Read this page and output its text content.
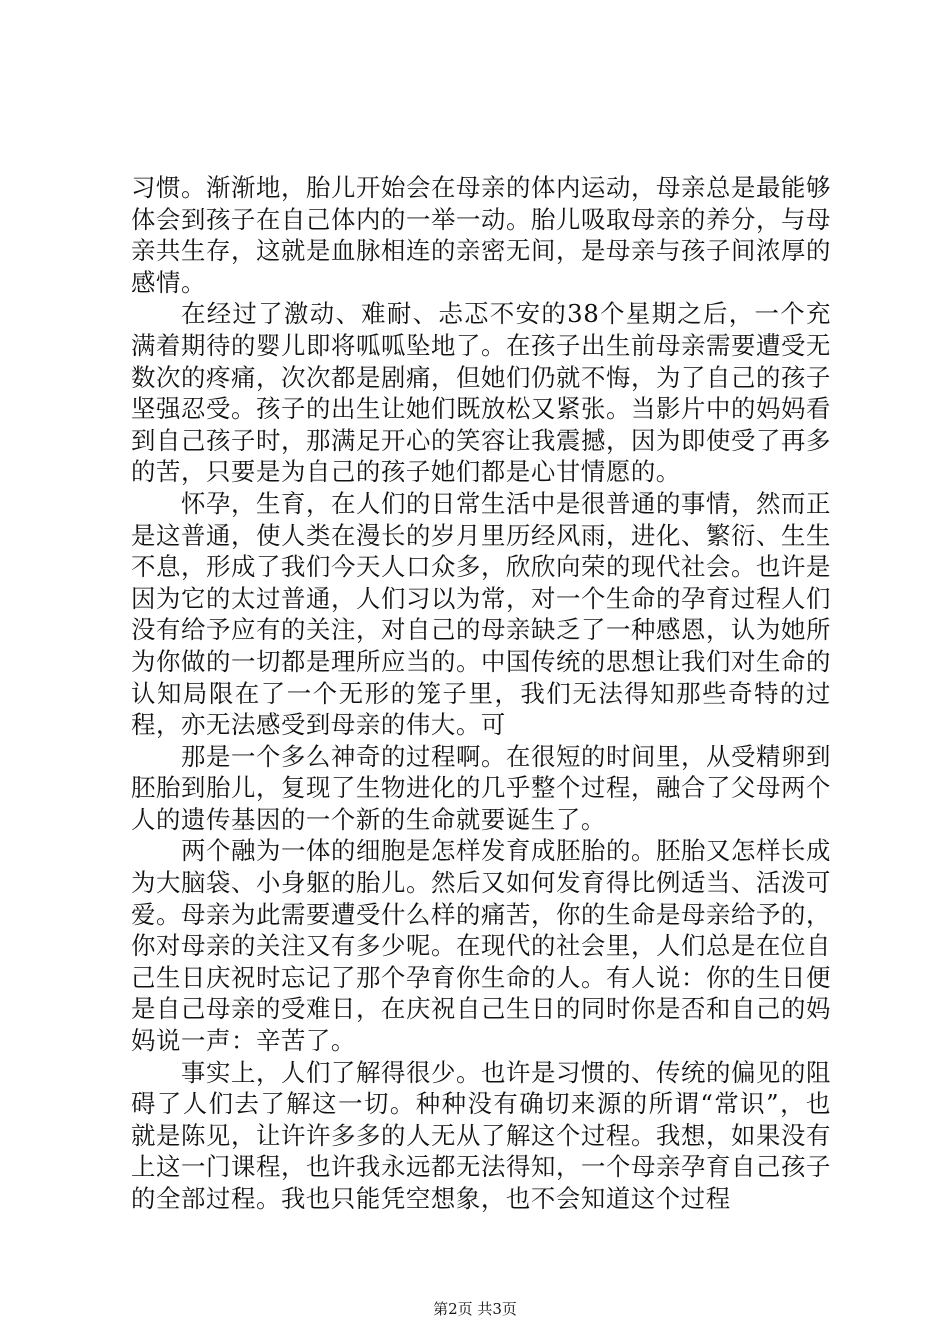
习惯。渐渐地，胎儿开始会在母亲的体内运动，母亲总是最能够体会到孩子在自己体内的一举一动。胎儿吸取母亲的养分，与母亲共生存，这就是血脉相连的亲密无间，是母亲与孩子间浓厚的感情。

在经过了激动、难耐、忐忑不安的38个星期之后，一个充满着期待的婴儿即将呱呱坠地了。在孩子出生前母亲需要遭受无数次的疼痛，次次都是剧痛，但她们仍就不悔，为了自己的孩子坚强忍受。孩子的出生让她们既放松又紧张。当影片中的妈妈看到自己孩子时，那满足开心的笑容让我震撼，因为即使受了再多的苦，只要是为自己的孩子她们都是心甘情愿的。

怀孕，生育，在人们的日常生活中是很普通的事情，然而正是这普通，使人类在漫长的岁月里历经风雨，进化、繁衍、生生不息，形成了我们今天人口众多，欣欣向荣的现代社会。也许是因为它的太过普通，人们习以为常，对一个生命的孕育过程人们没有给予应有的关注，对自己的母亲缺乏了一种感恩，认为她所为你做的一切都是理所应当的。中国传统的思想让我们对生命的认知局限在了一个无形的笼子里，我们无法得知那些奇特的过程，亦无法感受到母亲的伟大。可

那是一个多么神奇的过程啊。在很短的时间里，从受精卵到胚胎到胎儿，复现了生物进化的几乎整个过程，融合了父母两个人的遗传基因的一个新的生命就要诞生了。

两个融为一体的细胞是怎样发育成胚胎的。胚胎又怎样长成为大脑袋、小身躯的胎儿。然后又如何发育得比例适当、活泼可爱。母亲为此需要遭受什么样的痛苦，你的生命是母亲给予的，你对母亲的关注又有多少呢。在现代的社会里，人们总是在位自己生日庆祝时忘记了那个孕育你生命的人。有人说：你的生日便是自己母亲的受难日，在庆祝自己生日的同时你是否和自己的妈妈说一声：辛苦了。

事实上，人们了解得很少。也许是习惯的、传统的偏见的阻碍了人们去了解这一切。种种没有确切来源的所谓“常识”，也就是陈见，让许许多多的人无从了解这个过程。我想，如果没有上这一门课程，也许我永远都无法得知，一个母亲孕育自己孩子的全部过程。我也只能凭空想象，也不会知道这个过程

第2页 共3页
